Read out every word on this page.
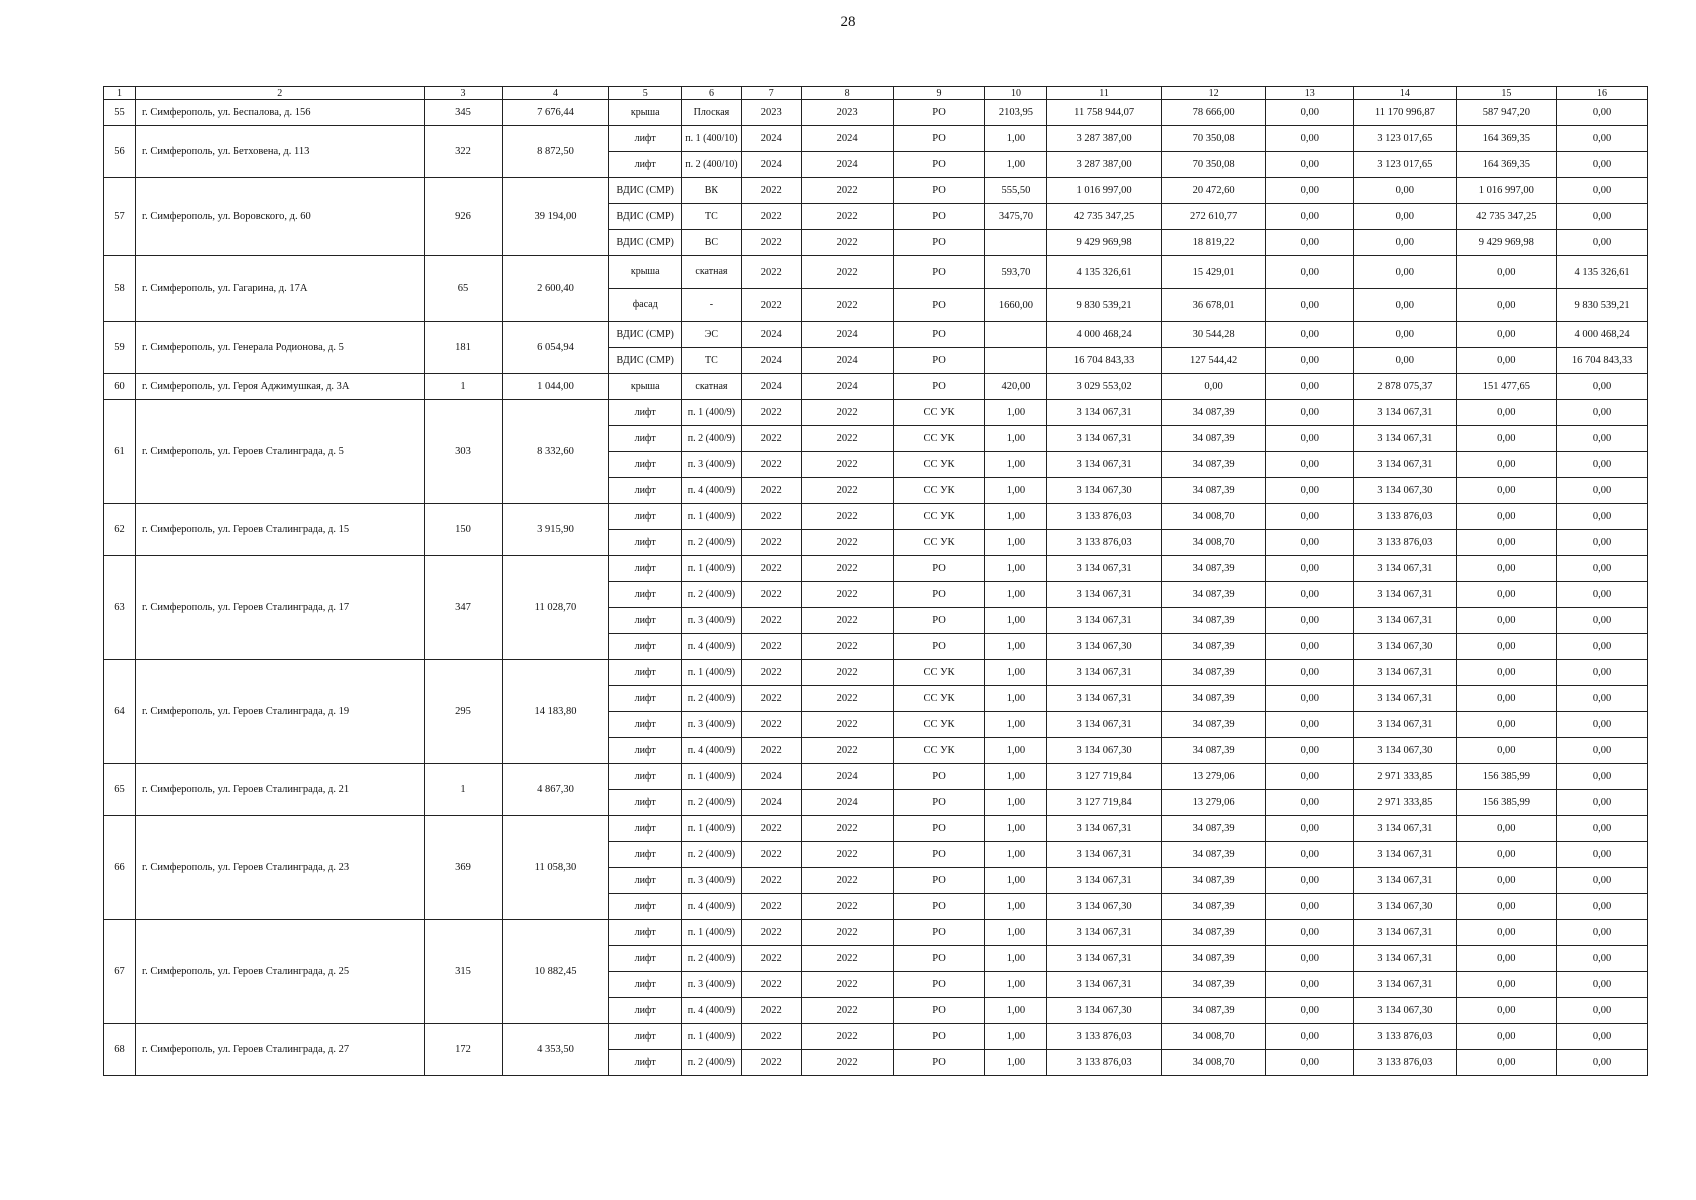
28
1	2	3	4	5	6	7	8	9	10	11	12	13	14	15	16
55	г. Симферополь, ул. Беспалова, д. 156	345	7 676,44	крыша	Плоская	2023	2023	РО	2103,95	11 758 944,07	78 666,00	0,00	11 170 996,87	587 947,20	0,00
56	г. Симферополь, ул. Бетховена, д. 113	322	8 872,50	лифт	п. 1 (400/10)	2024	2024	РО	1,00	3 287 387,00	70 350,08	0,00	3 123 017,65	164 369,35	0,00
				лифт	п. 2 (400/10)	2024	2024	РО	1,00	3 287 387,00	70 350,08	0,00	3 123 017,65	164 369,35	0,00
57	г. Симферополь, ул. Воровского, д. 60	926	39 194,00	ВДИС (СМР)	ВК	2022	2022	РО	555,50	1 016 997,00	20 472,60	0,00	0,00	1 016 997,00	0,00
				ВДИС (СМР)	ТС	2022	2022	РО	3475,70	42 735 347,25	272 610,77	0,00	0,00	42 735 347,25	0,00
				ВДИС (СМР)	ВС	2022	2022	РО		9 429 969,98	18 819,22	0,00	0,00	9 429 969,98	0,00
58	г. Симферополь, ул. Гагарина, д. 17А	65	2 600,40	крыша	скатная	2022	2022	РО	593,70	4 135 326,61	15 429,01	0,00	0,00	0,00	4 135 326,61
				фасад	-	2022	2022	РО	1660,00	9 830 539,21	36 678,01	0,00	0,00	0,00	9 830 539,21
59	г. Симферополь, ул. Генерала Родионова, д. 5	181	6 054,94	ВДИС (СМР)	ЭС	2024	2024	РО		4 000 468,24	30 544,28	0,00	0,00	0,00	4 000 468,24
				ВДИС (СМР)	ТС	2024	2024	РО		16 704 843,33	127 544,42	0,00	0,00	0,00	16 704 843,33
60	г. Симферополь, ул. Героя Аджимушкая, д. 3А	1	1 044,00	крыша	скатная	2024	2024	РО	420,00	3 029 553,02	0,00	0,00	2 878 075,37	151 477,65	0,00
61	г. Симферополь, ул. Героев Сталинграда, д. 5	303	8 332,60	лифт	п. 1 (400/9)	2022	2022	СС УК	1,00	3 134 067,31	34 087,39	0,00	3 134 067,31	0,00	0,00
				лифт	п. 2 (400/9)	2022	2022	СС УК	1,00	3 134 067,31	34 087,39	0,00	3 134 067,31	0,00	0,00
				лифт	п. 3 (400/9)	2022	2022	СС УК	1,00	3 134 067,31	34 087,39	0,00	3 134 067,31	0,00	0,00
				лифт	п. 4 (400/9)	2022	2022	СС УК	1,00	3 134 067,30	34 087,39	0,00	3 134 067,30	0,00	0,00
62	г. Симферополь, ул. Героев Сталинграда, д. 15	150	3 915,90	лифт	п. 1 (400/9)	2022	2022	СС УК	1,00	3 133 876,03	34 008,70	0,00	3 133 876,03	0,00	0,00
				лифт	п. 2 (400/9)	2022	2022	СС УК	1,00	3 133 876,03	34 008,70	0,00	3 133 876,03	0,00	0,00
63	г. Симферополь, ул. Героев Сталинграда, д. 17	347	11 028,70	лифт	п. 1 (400/9)	2022	2022	РО	1,00	3 134 067,31	34 087,39	0,00	3 134 067,31	0,00	0,00
				лифт	п. 2 (400/9)	2022	2022	РО	1,00	3 134 067,31	34 087,39	0,00	3 134 067,31	0,00	0,00
				лифт	п. 3 (400/9)	2022	2022	РО	1,00	3 134 067,31	34 087,39	0,00	3 134 067,31	0,00	0,00
				лифт	п. 4 (400/9)	2022	2022	РО	1,00	3 134 067,30	34 087,39	0,00	3 134 067,30	0,00	0,00
64	г. Симферополь, ул. Героев Сталинграда, д. 19	295	14 183,80	лифт	п. 1 (400/9)	2022	2022	СС УК	1,00	3 134 067,31	34 087,39	0,00	3 134 067,31	0,00	0,00
				лифт	п. 2 (400/9)	2022	2022	СС УК	1,00	3 134 067,31	34 087,39	0,00	3 134 067,31	0,00	0,00
				лифт	п. 3 (400/9)	2022	2022	СС УК	1,00	3 134 067,31	34 087,39	0,00	3 134 067,31	0,00	0,00
				лифт	п. 4 (400/9)	2022	2022	СС УК	1,00	3 134 067,30	34 087,39	0,00	3 134 067,30	0,00	0,00
65	г. Симферополь, ул. Героев Сталинграда, д. 21	1	4 867,30	лифт	п. 1 (400/9)	2024	2024	РО	1,00	3 127 719,84	13 279,06	0,00	2 971 333,85	156 385,99	0,00
				лифт	п. 2 (400/9)	2024	2024	РО	1,00	3 127 719,84	13 279,06	0,00	2 971 333,85	156 385,99	0,00
66	г. Симферополь, ул. Героев Сталинграда, д. 23	369	11 058,30	лифт	п. 1 (400/9)	2022	2022	РО	1,00	3 134 067,31	34 087,39	0,00	3 134 067,31	0,00	0,00
				лифт	п. 2 (400/9)	2022	2022	РО	1,00	3 134 067,31	34 087,39	0,00	3 134 067,31	0,00	0,00
				лифт	п. 3 (400/9)	2022	2022	РО	1,00	3 134 067,31	34 087,39	0,00	3 134 067,31	0,00	0,00
				лифт	п. 4 (400/9)	2022	2022	РО	1,00	3 134 067,30	34 087,39	0,00	3 134 067,30	0,00	0,00
67	г. Симферополь, ул. Героев Сталинграда, д. 25	315	10 882,45	лифт	п. 1 (400/9)	2022	2022	РО	1,00	3 134 067,31	34 087,39	0,00	3 134 067,31	0,00	0,00
				лифт	п. 2 (400/9)	2022	2022	РО	1,00	3 134 067,31	34 087,39	0,00	3 134 067,31	0,00	0,00
				лифт	п. 3 (400/9)	2022	2022	РО	1,00	3 134 067,31	34 087,39	0,00	3 134 067,31	0,00	0,00
				лифт	п. 4 (400/9)	2022	2022	РО	1,00	3 134 067,30	34 087,39	0,00	3 134 067,30	0,00	0,00
68	г. Симферополь, ул. Героев Сталинграда, д. 27	172	4 353,50	лифт	п. 1 (400/9)	2022	2022	РО	1,00	3 133 876,03	34 008,70	0,00	3 133 876,03	0,00	0,00
				лифт	п. 2 (400/9)	2022	2022	РО	1,00	3 133 876,03	34 008,70	0,00	3 133 876,03	0,00	0,00
